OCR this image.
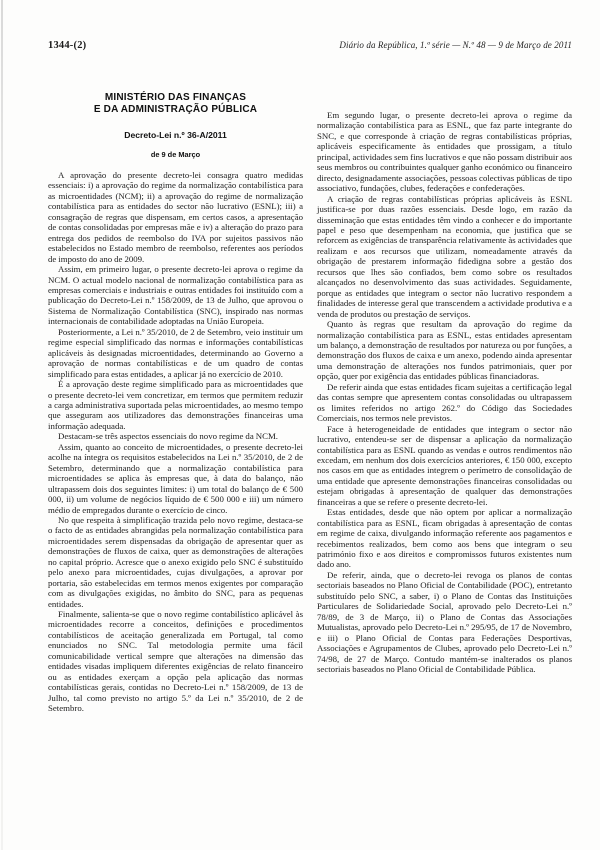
1344-(2)	Diário da República, 1.ª série — N.º 48 — 9 de Março de 2011
MINISTÉRIO DAS FINANÇAS
E DA ADMINISTRAÇÃO PÚBLICA
Decreto-Lei n.º 36-A/2011
de 9 de Março

A aprovação do presente decreto-lei consagra quatro medidas essenciais: i) a aprovação do regime da normalização contabilística para as microentidades (NCM); ii) a aprovação do regime de normalização contabilística para as entidades do sector não lucrativo (ESNL); iii) a consagração de regras que dispensam, em certos casos, a apresentação de contas consolidadas por empresas mãe e iv) a alteração do prazo para entrega dos pedidos de reembolso do IVA por sujeitos passivos não estabelecidos no Estado membro de reembolso, referentes aos períodos de imposto do ano de 2009.

Assim, em primeiro lugar, o presente decreto-lei aprova o regime da NCM. O actual modelo nacional de normalização contabilística para as empresas comerciais e industriais e outras entidades foi instituído com a publicação do Decreto-Lei n.º 158/2009, de 13 de Julho, que aprovou o Sistema de Normalização Contabilística (SNC), inspirado nas normas internacionais de contabilidade adoptadas na União Europeia.

Posteriormente, a Lei n.º 35/2010, de 2 de Setembro, veio instituir um regime especial simplificado das normas e informações contabilísticas aplicáveis às designadas microentidades, determinando ao Governo a aprovação de normas contabilísticas e de um quadro de contas simplificado para estas entidades, a aplicar já no exercício de 2010.

É a aprovação deste regime simplificado para as microentidades que o presente decreto-lei vem concretizar, em termos que permitem reduzir a carga administrativa suportada pelas microentidades, ao mesmo tempo que asseguram aos utilizadores das demonstrações financeiras uma informação adequada.

Destacam-se três aspectos essenciais do novo regime da NCM.

Assim, quanto ao conceito de microentidades, o presente decreto-lei acolhe na íntegra os requisitos estabelecidos na Lei n.º 35/2010, de 2 de Setembro, determinando que a normalização contabilística para microentidades se aplica às empresas que, à data do balanço, não ultrapassem dois dos seguintes limites: i) um total do balanço de € 500 000, ii) um volume de negócios líquido de € 500 000 e iii) um número médio de empregados durante o exercício de cinco.

No que respeita à simplificação trazida pelo novo regime, destaca-se o facto de as entidades abrangidas pela normalização contabilística para microentidades serem dispensadas da obrigação de apresentar quer as demonstrações de fluxos de caixa, quer as demonstrações de alterações no capital próprio. Acresce que o anexo exigido pelo SNC é substituído pelo anexo para microentidades, cujas divulgações, a aprovar por portaria, são estabelecidas em termos menos exigentes por comparação com as divulgações exigidas, no âmbito do SNC, para as pequenas entidades.

Finalmente, salienta-se que o novo regime contabilístico aplicável às microentidades recorre a conceitos, definições e procedimentos contabilísticos de aceitação generalizada em Portugal, tal como enunciados no SNC. Tal metodologia permite uma fácil comunicabilidade vertical sempre que alterações na dimensão das entidades visadas impliquem diferentes exigências de relato financeiro ou as entidades exerçam a opção pela aplicação das normas contabilísticas gerais, contidas no Decreto-Lei n.º 158/2009, de 13 de Julho, tal como previsto no artigo 5.º da Lei n.º 35/2010, de 2 de Setembro.

Em segundo lugar, o presente decreto-lei aprova o regime da normalização contabilística para as ESNL, que faz parte integrante do SNC, e que corresponde à criação de regras contabilísticas próprias, aplicáveis especificamente às entidades que prossigam, a título principal, actividades sem fins lucrativos e que não possam distribuir aos seus membros ou contribuintes qualquer ganho económico ou financeiro directo, designadamente associações, pessoas colectivas públicas de tipo associativo, fundações, clubes, federações e confederações.

A criação de regras contabilísticas próprias aplicáveis às ESNL justifica-se por duas razões essenciais. Desde logo, em razão da disseminação que estas entidades têm vindo a conhecer e do importante papel e peso que desempenham na economia, que justifica que se reforcem as exigências de transparência relativamente às actividades que realizam e aos recursos que utilizam, nomeadamente através da obrigação de prestarem informação fidedigna sobre a gestão dos recursos que lhes são confiados, bem como sobre os resultados alcançados no desenvolvimento das suas actividades. Seguidamente, porque as entidades que integram o sector não lucrativo respondem a finalidades de interesse geral que transcendem a actividade produtiva e a venda de produtos ou prestação de serviços.

Quanto às regras que resultam da aprovação do regime da normalização contabilística para as ESNL, estas entidades apresentam um balanço, a demonstração de resultados por natureza ou por funções, a demonstração dos fluxos de caixa e um anexo, podendo ainda apresentar uma demonstração de alterações nos fundos patrimoniais, quer por opção, quer por exigência das entidades públicas financiadoras.

De referir ainda que estas entidades ficam sujeitas a certificação legal das contas sempre que apresentem contas consolidadas ou ultrapassem os limites referidos no artigo 262.º do Código das Sociedades Comerciais, nos termos nele previstos.

Face à heterogeneidade de entidades que integram o sector não lucrativo, entendeu-se ser de dispensar a aplicação da normalização contabilística para as ESNL quando as vendas e outros rendimentos não excedam, em nenhum dos dois exercícios anteriores, € 150 000, excepto nos casos em que as entidades integrem o perímetro de consolidação de uma entidade que apresente demonstrações financeiras consolidadas ou estejam obrigadas à apresentação de qualquer das demonstrações financeiras a que se refere o presente decreto-lei.

Estas entidades, desde que não optem por aplicar a normalização contabilística para as ESNL, ficam obrigadas à apresentação de contas em regime de caixa, divulgando informação referente aos pagamentos e recebimentos realizados, bem como aos bens que integram o seu património fixo e aos direitos e compromissos futuros existentes num dado ano.

De referir, ainda, que o decreto-lei revoga os planos de contas sectoriais baseados no Plano Oficial de Contabilidade (POC), entretanto substituído pelo SNC, a saber, i) o Plano de Contas das Instituições Particulares de Solidariedade Social, aprovado pelo Decreto-Lei n.º 78/89, de 3 de Março, ii) o Plano de Contas das Associações Mutualistas, aprovado pelo Decreto-Lei n.º 295/95, de 17 de Novembro, e iii) o Plano Oficial de Contas para Federações Desportivas, Associações e Agrupamentos de Clubes, aprovado pelo Decreto-Lei n.º 74/98, de 27 de Março. Contudo mantém-se inalterados os planos sectoriais baseados no Plano Oficial de Contabilidade Pública.
